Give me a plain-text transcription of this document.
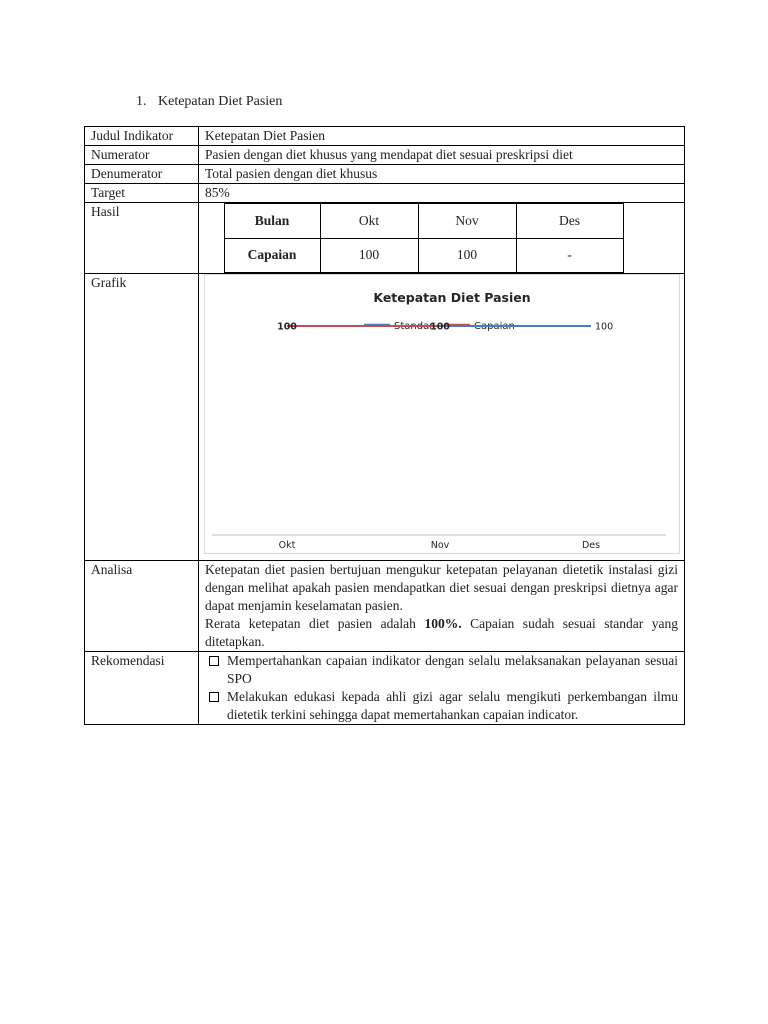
1. Ketepatan Diet Pasien
Judul Indikator	Ketepatan Diet Pasien
Numerator	Pasien dengan diet khusus yang mendapat diet sesuai preskripsi diet
Denumerator	Total pasien dengan diet khusus
Target	85%
Hasil	
	Bulan	Okt	Nov	Des	
Capaian	100	100	-

Grafik	
Ketepatan Diet Pasien
Standar	Capaian
Okt	Nov	Des
100	100	100

Analisa	Ketepatan diet pasien bertujuan mengukur ketepatan pelayanan dietetik instalasi gizi dengan melihat apakah pasien mendapatkan diet sesuai dengan preskripsi dietnya agar dapat menjamin keselamatan pasien.
Rerata ketepatan diet pasien adalah 100%. Capaian sudah sesuai standar yang ditetapkan.

Rekomendasi	Mempertahankan capaian indikator dengan selalu melaksanakan pelayanan sesuai SPO
Melakukan edukasi kepada ahli gizi agar selalu mengikuti perkembangan ilmu dietetik terkini sehingga dapat memertahankan capaian indicator.
